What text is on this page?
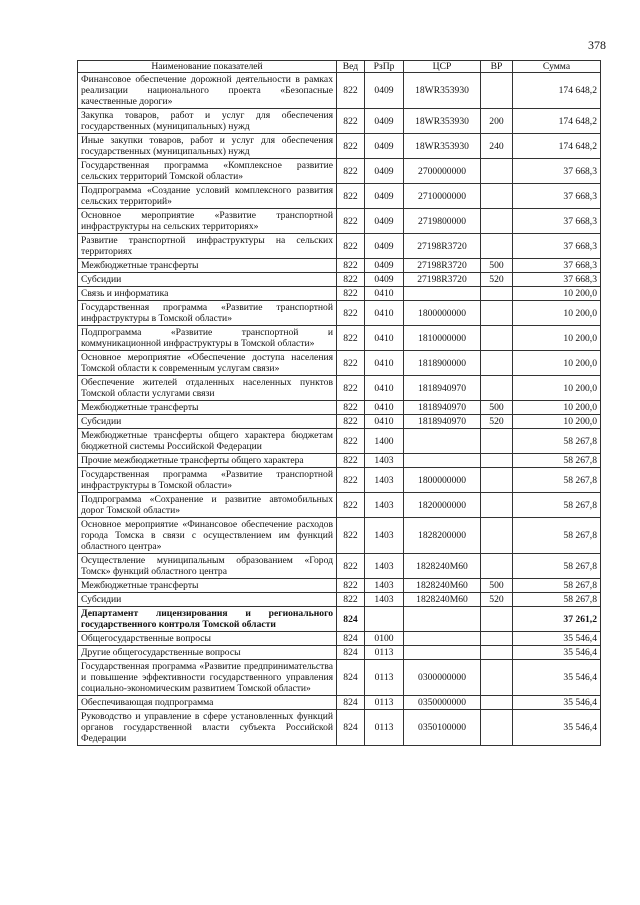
378
Наименование показателей	Вед	РзПр	ЦСР	ВР	Сумма
Финансовое обеспечение дорожной деятельности в рамках реализации национального проекта «Безопасные качественные дороги»	822	0409	18WR353930		174 648,2
Закупка товаров, работ и услуг для обеспечения государственных (муниципальных) нужд	822	0409	18WR353930	200	174 648,2
Иные закупки товаров, работ и услуг для обеспечения государственных (муниципальных) нужд	822	0409	18WR353930	240	174 648,2
Государственная программа «Комплексное развитие сельских территорий Томской области»	822	0409	2700000000		37 668,3
Подпрограмма «Создание условий комплексного развития сельских территорий»	822	0409	2710000000		37 668,3
Основное мероприятие «Развитие транспортной инфраструктуры на сельских территориях»	822	0409	2719800000		37 668,3
Развитие транспортной инфраструктуры на сельских территориях	822	0409	27198R3720		37 668,3
Межбюджетные трансферты	822	0409	27198R3720	500	37 668,3
Субсидии	822	0409	27198R3720	520	37 668,3
Связь и информатика	822	0410			10 200,0
Государственная программа «Развитие транспортной инфраструктуры в Томской области»	822	0410	1800000000		10 200,0
Подпрограмма «Развитие транспортной и коммуникационной инфраструктуры в Томской области»	822	0410	1810000000		10 200,0
Основное мероприятие «Обеспечение доступа населения Томской области к современным услугам связи»	822	0410	1818900000		10 200,0
Обеспечение жителей отдаленных населенных пунктов Томской области услугами связи	822	0410	1818940970		10 200,0
Межбюджетные трансферты	822	0410	1818940970	500	10 200,0
Субсидии	822	0410	1818940970	520	10 200,0
Межбюджетные трансферты общего характера бюджетам бюджетной системы Российской Федерации	822	1400			58 267,8
Прочие межбюджетные трансферты общего характера	822	1403			58 267,8
Государственная программа «Развитие транспортной инфраструктуры в Томской области»	822	1403	1800000000		58 267,8
Подпрограмма «Сохранение и развитие автомобильных дорог Томской области»	822	1403	1820000000		58 267,8
Основное мероприятие «Финансовое обеспечение расходов города Томска в связи с осуществлением им функций областного центра»	822	1403	1828200000		58 267,8
Осуществление муниципальным образованием «Город Томск» функций областного центра	822	1403	1828240M60		58 267,8
Межбюджетные трансферты	822	1403	1828240M60	500	58 267,8
Субсидии	822	1403	1828240M60	520	58 267,8
Департамент лицензирования и регионального государственного контроля Томской области	824				37 261,2
Общегосударственные вопросы	824	0100			35 546,4
Другие общегосударственные вопросы	824	0113			35 546,4
Государственная программа «Развитие предпринимательства и повышение эффективности государственного управления социально-экономическим развитием Томской области»	824	0113	0300000000		35 546,4
Обеспечивающая подпрограмма	824	0113	0350000000		35 546,4
Руководство и управление в сфере установленных функций органов государственной власти субъекта Российской Федерации	824	0113	0350100000		35 546,4
